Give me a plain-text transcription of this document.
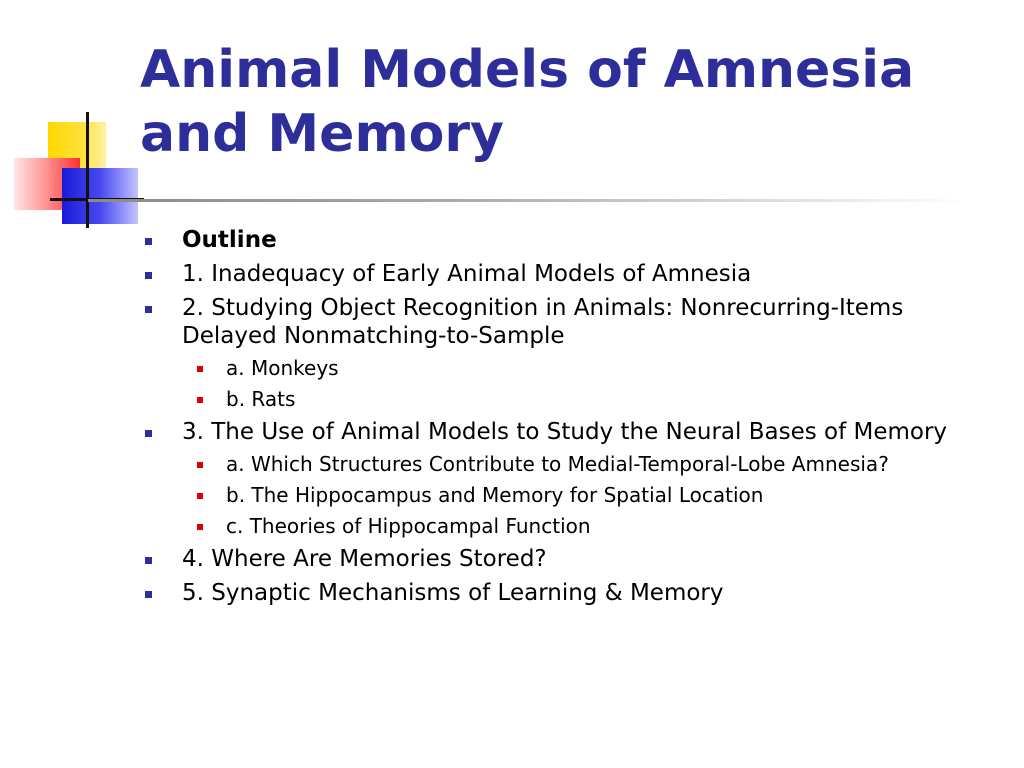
Animal Models of Amnesia
and Memory
Outline
1. Inadequacy of Early Animal Models of Amnesia
2. Studying Object Recognition in Animals: Nonrecurring-Items Delayed Nonmatching-to-Sample
a. Monkeys
b. Rats
3. The Use of Animal Models to Study the Neural Bases of Memory
a. Which Structures Contribute to Medial-Temporal-Lobe Amnesia?
b. The Hippocampus and Memory for Spatial Location
c. Theories of Hippocampal Function
4. Where Are Memories Stored?
5. Synaptic Mechanisms of Learning & Memory
